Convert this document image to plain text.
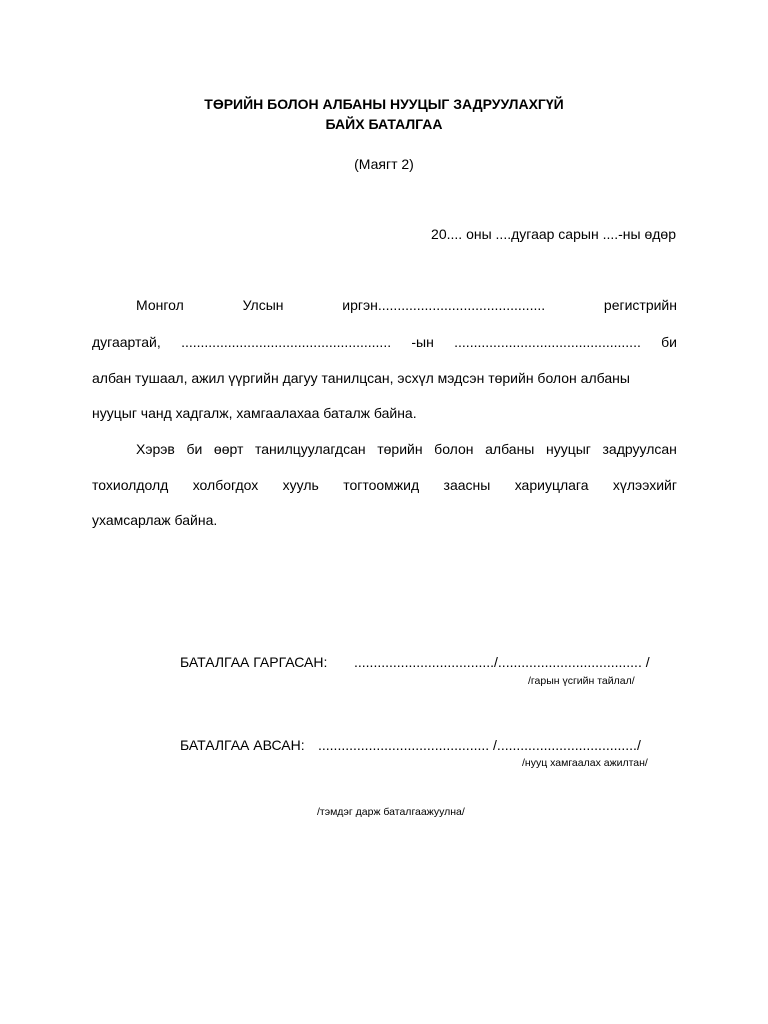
ТӨРИЙН БОЛОН АЛБАНЫ НУУЦЫГ ЗАДРУУЛАХГҮЙ
БАЙХ БАТАЛГАА
(Маягт 2)
20.... оны ....дугаар сарын ....-ны өдөр
Монгол	Улсын	иргэн...........................................	регистрийн
дугаартай, ...................................................... -ын ................................................ би
албан тушаал, ажил үүргийн дагуу танилцсан, эсхүл мэдсэн төрийн болон албаны
нууцыг чанд хадгалж, хамгаалахаа баталж байна.
Хэрэв би өөрт танилцуулагдсан төрийн болон албаны нууцыг задруулсан
тохиолдолд холбогдох хууль тогтоомжид заасны хариуцлага хүлээхийг
ухамсарлаж байна.
БАТАЛГАА ГАРГАСАН: ..................................../..................................... /
/гарын үсгийн тайлал/
БАТАЛГАА АВСАН: ............................................ /..................................../
/нууц хамгаалах ажилтан/
/тэмдэг дарж баталгаажуулна/
